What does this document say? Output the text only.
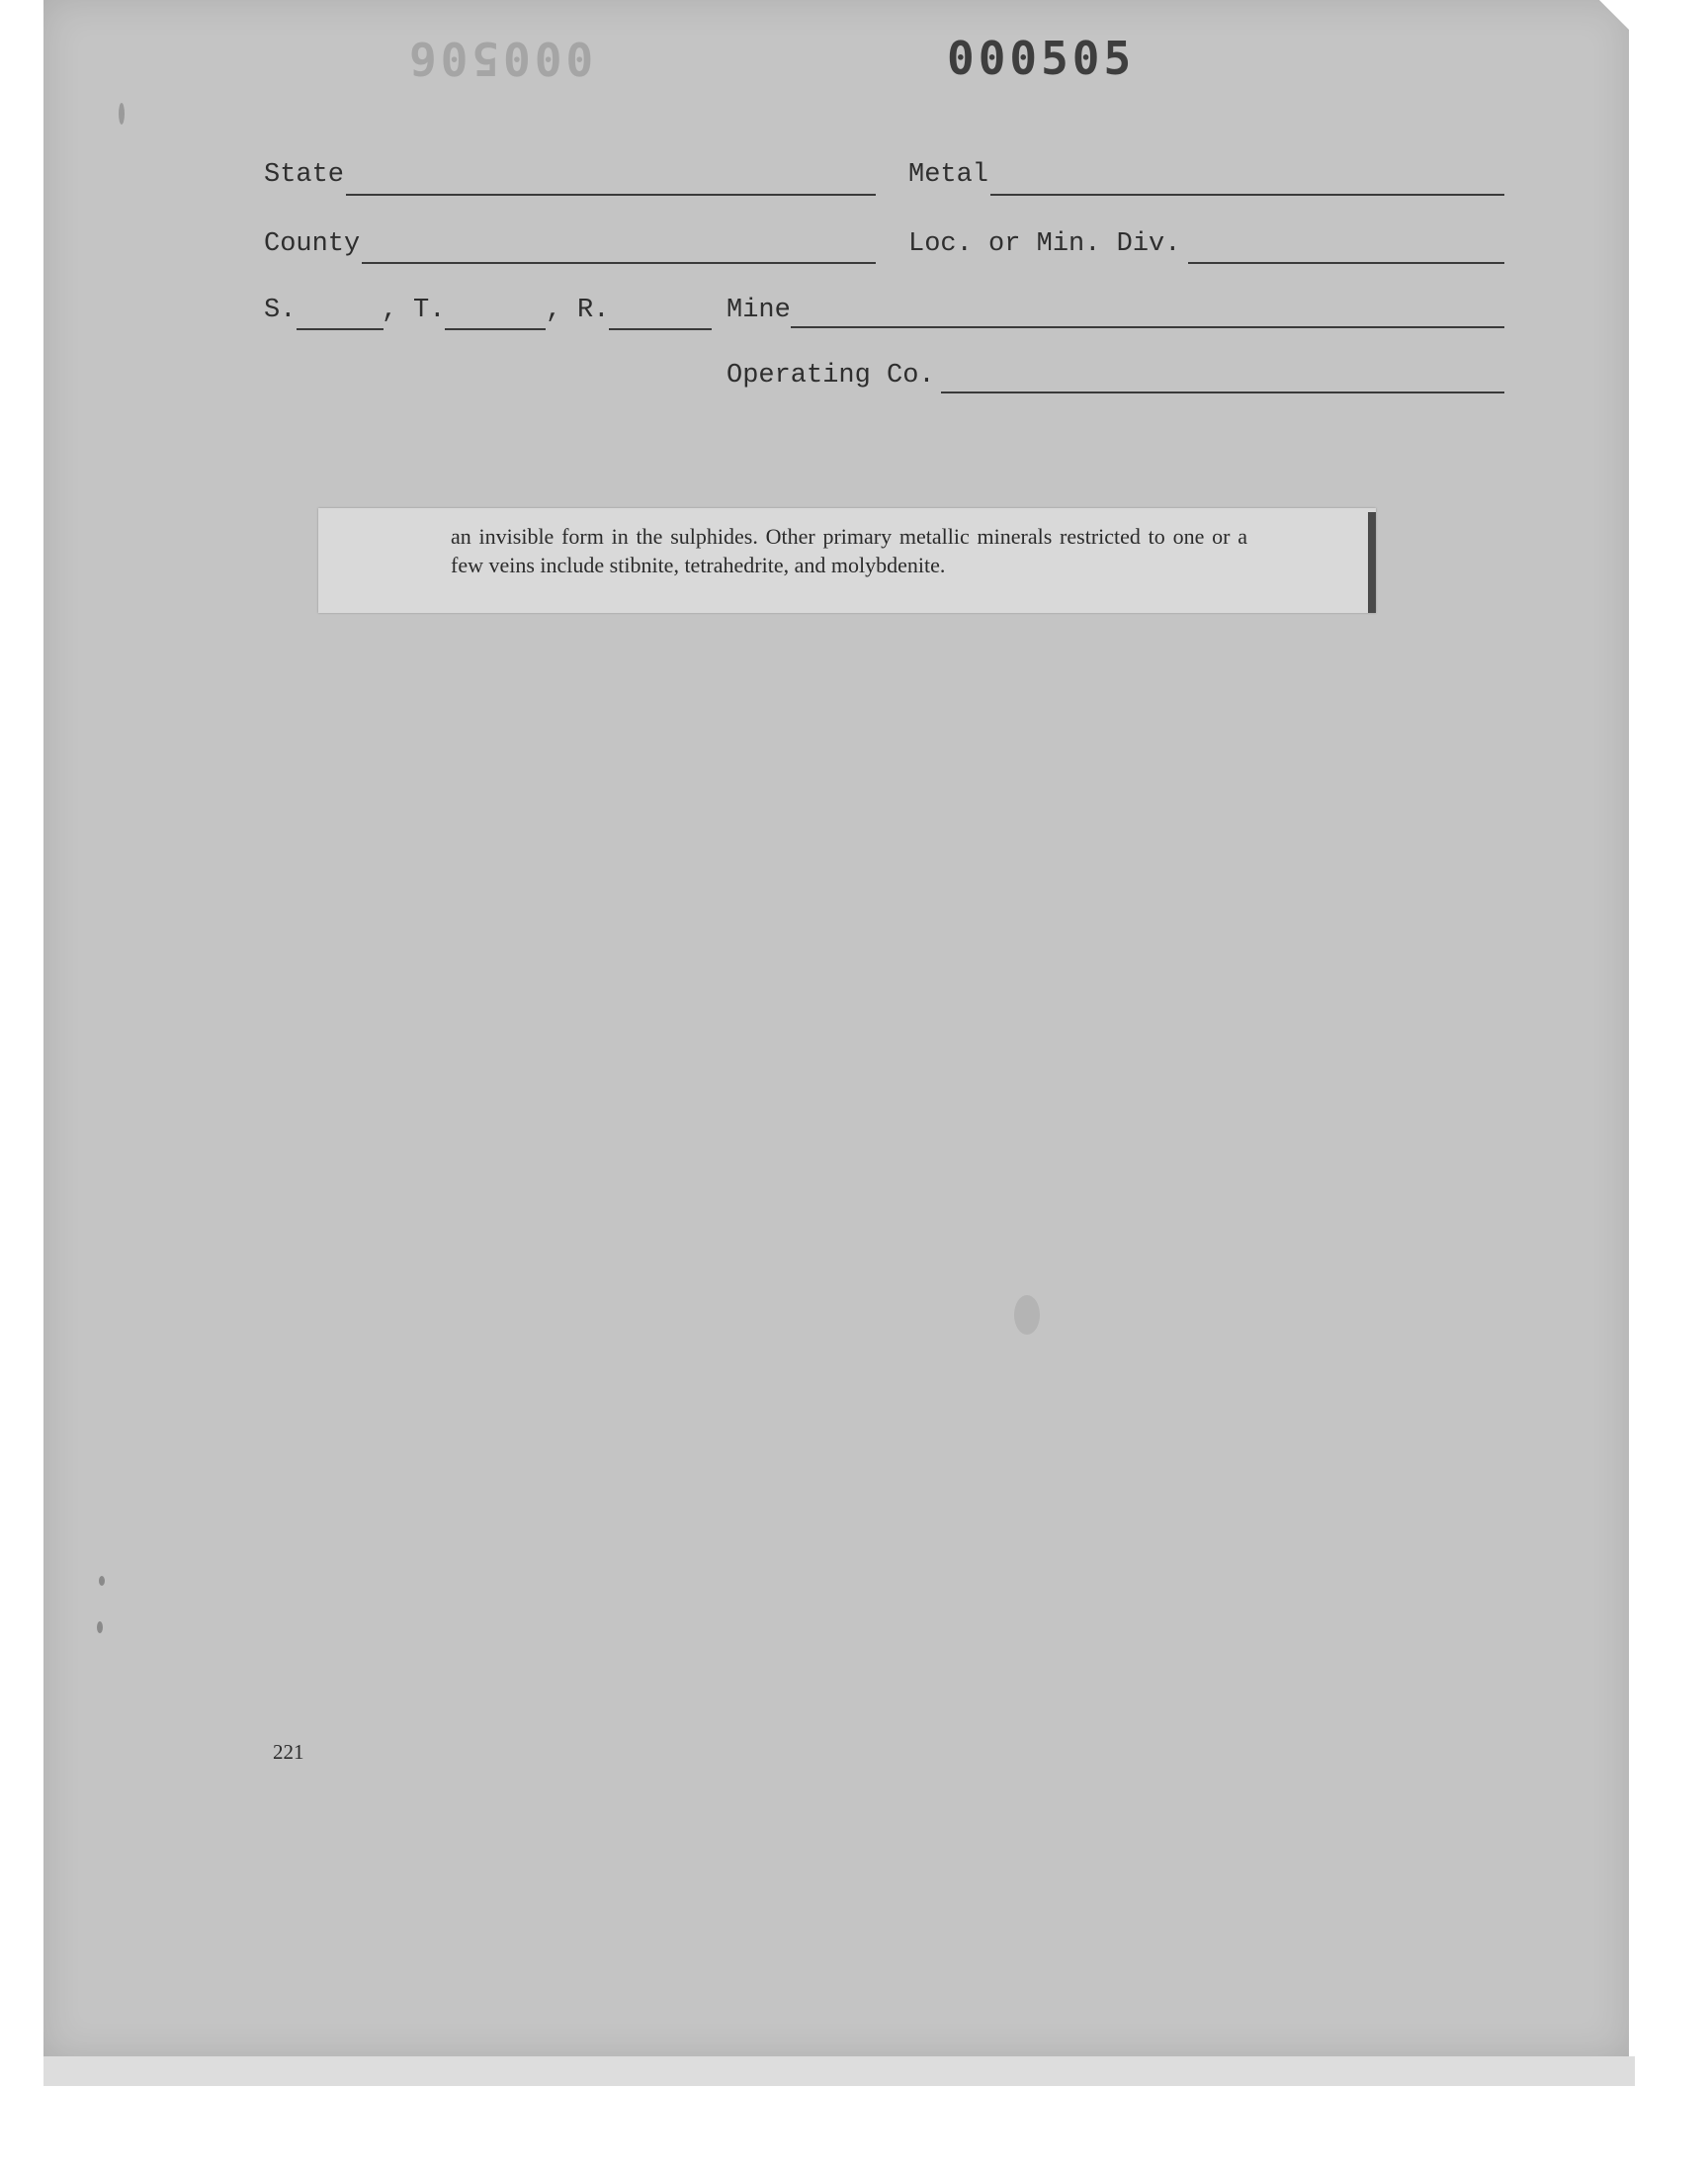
000506	000505
State	Metal
County	Loc. or Min. Div.
S.	, T.	, R.	Mine
Operating Co.
an invisible form in the sulphides. Other primary metallic minerals restricted to one or a few veins include stibnite, tetrahedrite, and molybdenite.
221
